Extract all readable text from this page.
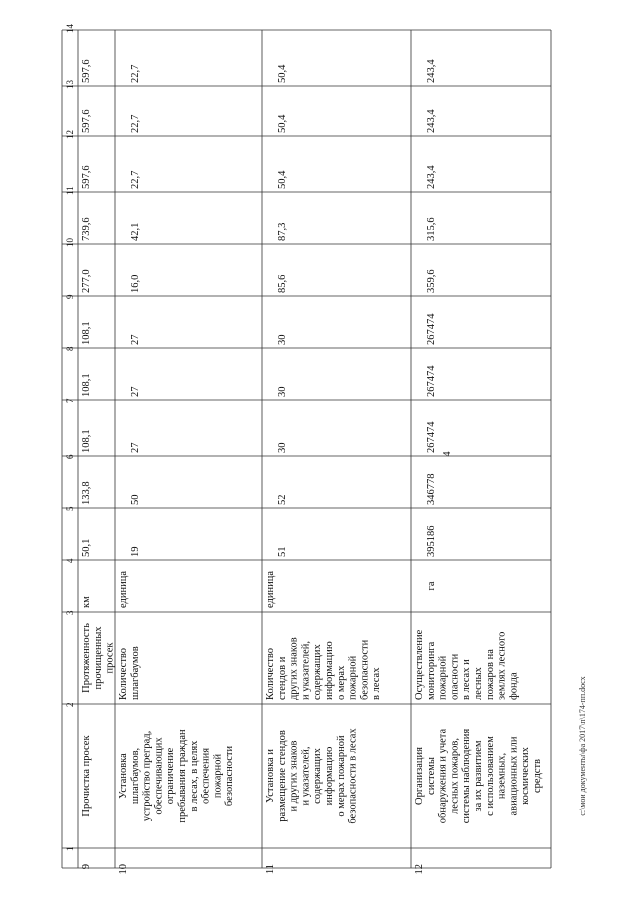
4
c:\мои документы\фа 2017\п\174-пп.docx
1
2
3
4
5
6
7
8
9
10
11
12
13
14
9
Прочистка просек
Протяженность прочищенных просек
км
50,1
133,8
108,1
108,1
108,1
277,0
739,6
597,6
597,6
597,6
10
Установка шлагбаумов, устройство преград, обеспечивающих ограничение пребывания граждан в лесах, в целях обеспечения пожарной безопасности
Количество шлагбаумов
единица
19
50
27
27
27
16,0
42,1
22,7
22,7
22,7
11
Установка и размещение стендов и других знаков и указателей, содержащих информацию о мерах пожарной безопасности в лесах
Количество стендов и других знаков и указателей, содержащих информацию о мерах пожарной безопасности в лесах
единица
51
52
30
30
30
85,6
87,3
50,4
50,4
50,4
12
Организация системы обнаружения и учета лесных пожаров, системы наблюдения за их развитием с использованием наземных, авиационных или космических средств
Осуществление мониторинга пожарной опасности в лесах и лесных пожаров на землях лесного фонда
га
395186
346778
267474
267474
267474
359,6
315,6
243,4
243,4
243,4
